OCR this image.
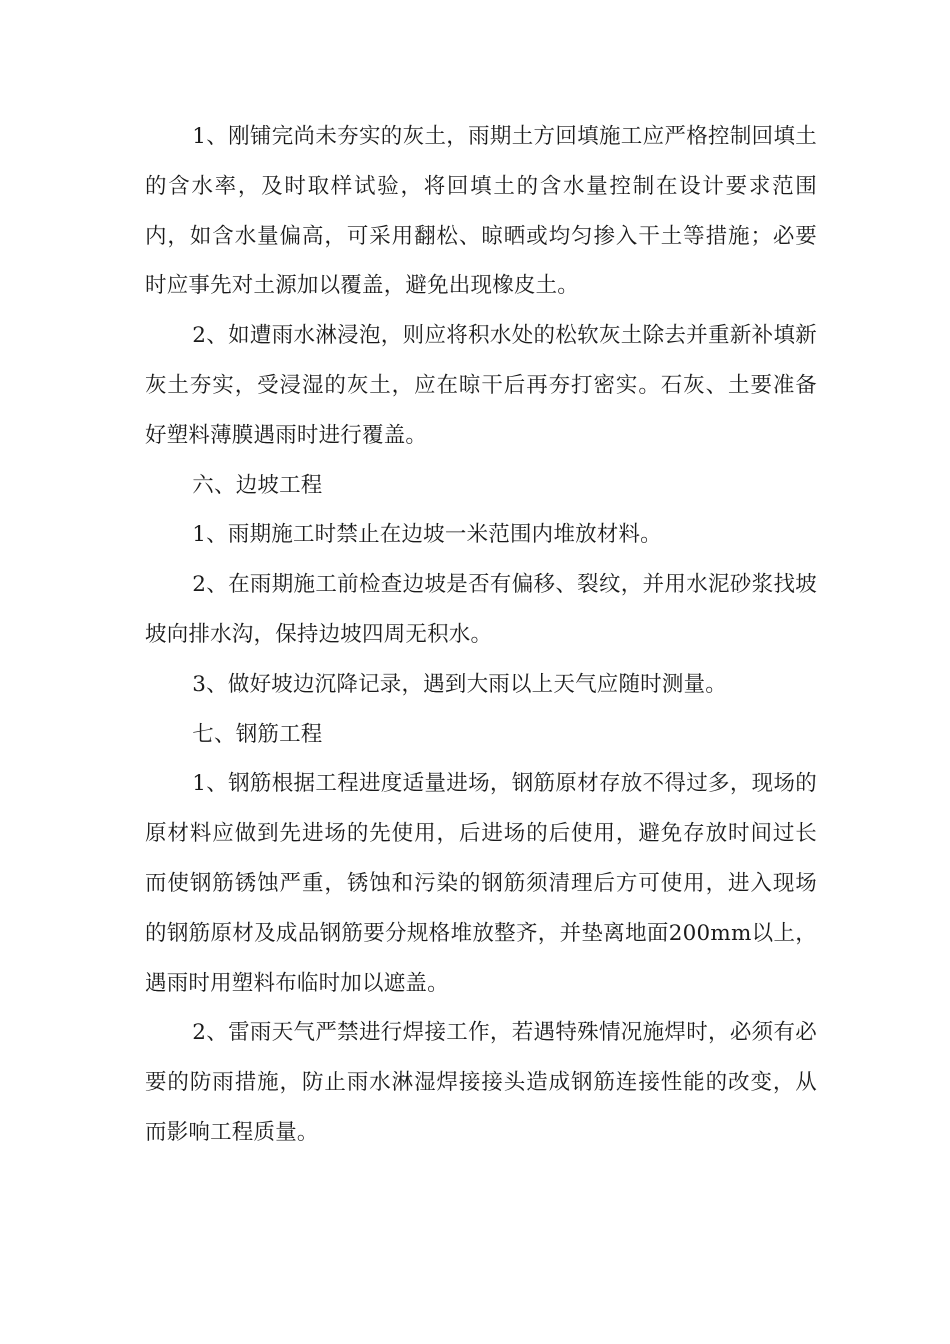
1、刚铺完尚未夯实的灰土，雨期土方回填施工应严格控制回填土的含水率，及时取样试验，将回填土的含水量控制在设计要求范围内，如含水量偏高，可采用翻松、晾晒或均匀掺入干土等措施；必要时应事先对土源加以覆盖，避免出现橡皮土。

2、如遭雨水淋浸泡，则应将积水处的松软灰土除去并重新补填新灰土夯实，受浸湿的灰土，应在晾干后再夯打密实。石灰、土要准备好塑料薄膜遇雨时进行覆盖。

六、边坡工程

1、雨期施工时禁止在边坡一米范围内堆放材料。

2、在雨期施工前检查边坡是否有偏移、裂纹，并用水泥砂浆找坡坡向排水沟，保持边坡四周无积水。

3、做好坡边沉降记录，遇到大雨以上天气应随时测量。

七、钢筋工程

1、钢筋根据工程进度适量进场，钢筋原材存放不得过多，现场的原材料应做到先进场的先使用，后进场的后使用，避免存放时间过长而使钢筋锈蚀严重，锈蚀和污染的钢筋须清理后方可使用，进入现场的钢筋原材及成品钢筋要分规格堆放整齐，并垫离地面200mm以上，遇雨时用塑料布临时加以遮盖。

2、雷雨天气严禁进行焊接工作，若遇特殊情况施焊时，必须有必要的防雨措施，防止雨水淋湿焊接接头造成钢筋连接性能的改变，从而影响工程质量。
